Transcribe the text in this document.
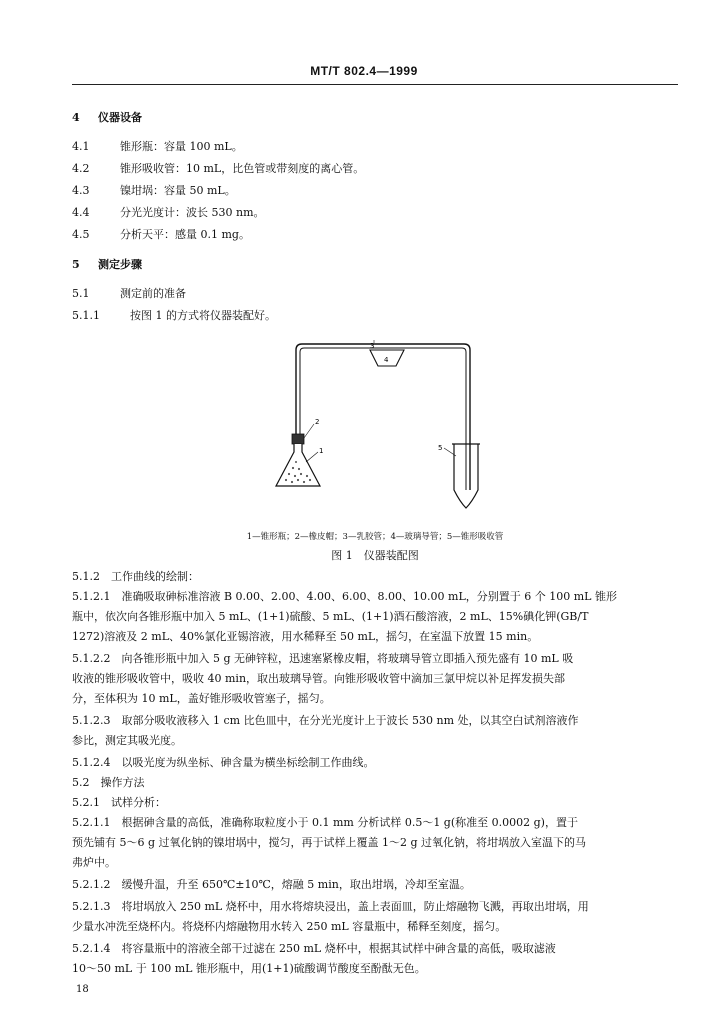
MT/T 802.4—1999
4 仪器设备
4.1	锥形瓶：容量 100 mL。
4.2	锥形吸收管：10 mL，比色管或带刻度的离心管。
4.3	镍坩埚：容量 50 mL。
4.4	分光光度计：波长 530 nm。
4.5	分析天平：感量 0.1 mg。
5 测定步骤
5.1	测定前的准备
5.1.1	按图 1 的方式将仪器装配好。
3
4
2
1	5
1—锥形瓶；2—橡皮帽；3—乳胶管；4—玻璃导管；5—锥形吸收管
图 1　仪器装配图
5.1.2　工作曲线的绘制：
5.1.2.1　准确吸取砷标准溶液 B 0.00、2.00、4.00、6.00、8.00、10.00 mL，分别置于 6 个 100 mL 锥形
瓶中，依次向各锥形瓶中加入 5 mL、(1+1)硫酸、5 mL、(1+1)酒石酸溶液，2 mL、15%碘化钾(GB/T
1272)溶液及 2 mL、40%氯化亚锡溶液，用水稀释至 50 mL，摇匀，在室温下放置 15 min。
5.1.2.2　向各锥形瓶中加入 5 g 无砷锌粒，迅速塞紧橡皮帽，将玻璃导管立即插入预先盛有 10 mL 吸
收液的锥形吸收管中，吸收 40 min，取出玻璃导管。向锥形吸收管中滴加三氯甲烷以补足挥发损失部
分，至体积为 10 mL，盖好锥形吸收管塞子，摇匀。
5.1.2.3　取部分吸收液移入 1 cm 比色皿中，在分光光度计上于波长 530 nm 处，以其空白试剂溶液作
参比，测定其吸光度。
5.1.2.4　以吸光度为纵坐标、砷含量为横坐标绘制工作曲线。
5.2　操作方法
5.2.1　试样分析：
5.2.1.1　根据砷含量的高低，准确称取粒度小于 0.1 mm 分析试样 0.5～1 g(称准至 0.0002 g)，置于
预先铺有 5～6 g 过氧化钠的镍坩埚中，搅匀，再于试样上覆盖 1～2 g 过氧化钠，将坩埚放入室温下的马
弗炉中。
5.2.1.2　缓慢升温，升至 650℃±10℃，熔融 5 min，取出坩埚，冷却至室温。
5.2.1.3　将坩埚放入 250 mL 烧杯中，用水将熔块浸出，盖上表面皿，防止熔融物飞溅，再取出坩埚，用
少量水冲洗至烧杯内。将烧杯内熔融物用水转入 250 mL 容量瓶中，稀释至刻度，摇匀。
5.2.1.4　将容量瓶中的溶液全部干过滤在 250 mL 烧杯中，根据其试样中砷含量的高低，吸取滤液
10～50 mL 于 100 mL 锥形瓶中，用(1+1)硫酸调节酸度至酚酞无色。
18
